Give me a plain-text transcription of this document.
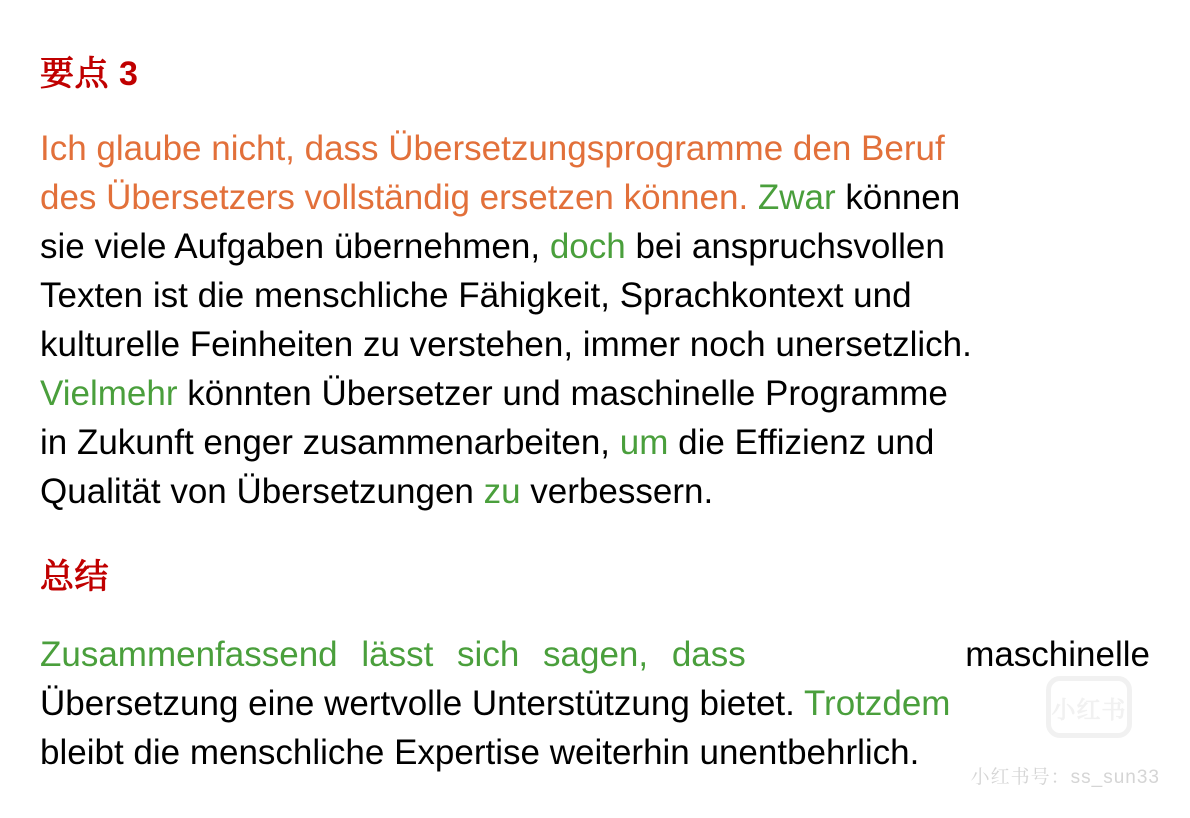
要点 3
Ich glaube nicht, dass Übersetzungsprogramme den Beruf
des Übersetzers vollständig ersetzen können. Zwar können
sie viele Aufgaben übernehmen, doch bei anspruchsvollen
Texten ist die menschliche Fähigkeit, Sprachkontext und
kulturelle Feinheiten zu verstehen, immer noch unersetzlich.
Vielmehr könnten Übersetzer und maschinelle Programme
in Zukunft enger zusammenarbeiten, um die Effizienz und
Qualität von Übersetzungen zu verbessern.
总结
Zusammenfassend lässt sich sagen, dass	maschinelle
Übersetzung eine wertvolle Unterstützung bietet. Trotzdem
bleibt die menschliche Expertise weiterhin unentbehrlich.
小红书
小红书号：ss_sun33
